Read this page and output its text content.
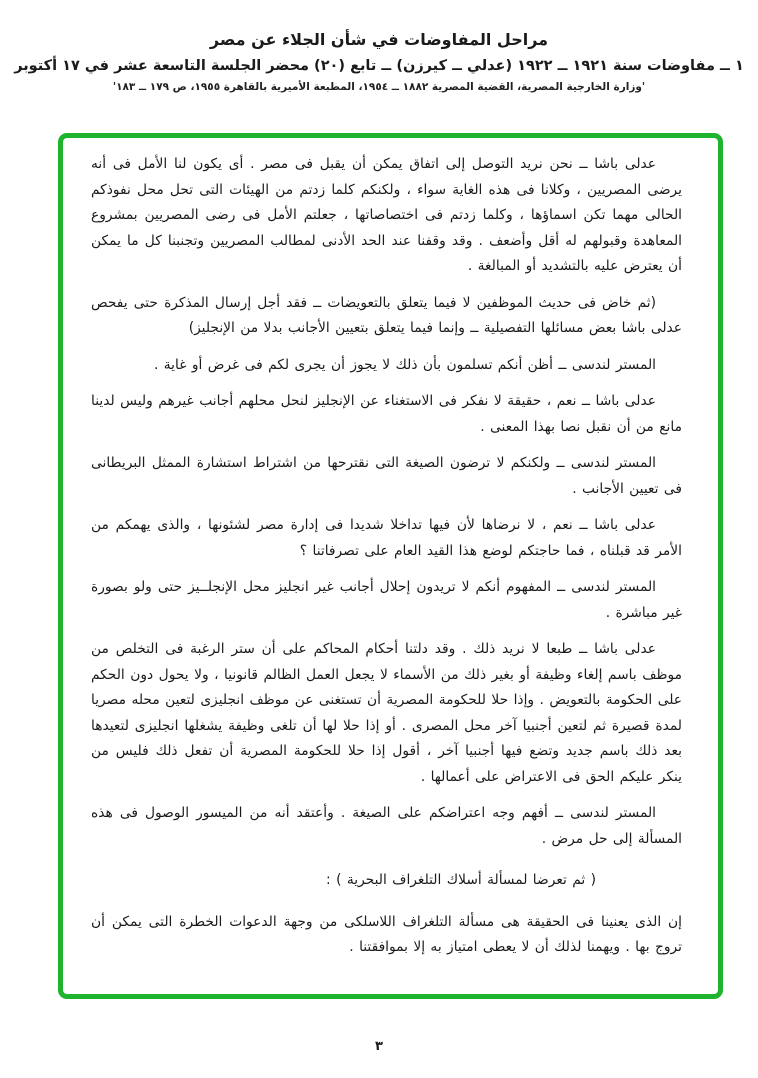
مراحل المفاوضات في شأن الجلاء عن مصر
١ ــ مفاوضات سنة ١٩٢١ ــ ١٩٢٢ (عدلي ــ كيرزن) ــ تابع (٢٠) محضر الجلسة التاسعة عشر في ١٧ أكتوبر
'وزارة الخارجية المصرية، القضية المصرية ١٨٨٢ ــ ١٩٥٤، المطبعة الأميرية بالقاهرة ١٩٥٥، ص ١٧٩ ــ ١٨٣'

عدلى باشا ــ نحن نريد التوصل إلى اتفاق يمكن أن يقبل فى مصر . أى يكون لنا الأمل فى أنه يرضى المصريين ، وكلانا فى هذه الغاية سواء ، ولكنكم كلما زدتم من الهيئات التى تحل محل نفوذكم الحالى مهما تكن اسماؤها ، وكلما زدتم فى اختصاصاتها ، جعلتم الأمل فى رضى المصريين بمشروع المعاهدة وقبولهم له أقل وأضعف . وقد وقفنا عند الحد الأدنى لمطالب المصريين وتجنبنا كل ما يمكن أن يعترض عليه بالتشديد أو المبالغة .

(ثم خاض فى حديث الموظفين لا فيما يتعلق بالتعويضات ــ فقد أجل إرسال المذكرة حتى يفحص عدلى باشا بعض مسائلها التفصيلية ــ وإنما فيما يتعلق بتعيين الأجانب بدلا من الإنجليز)

المستر لندسى ــ أظن أنكم تسلمون بأن ذلك لا يجوز أن يجرى لكم فى غرض أو غاية .

عدلى باشا ــ نعم ، حقيقة لا نفكر فى الاستغناء عن الإنجليز لنحل محلهم أجانب غيرهم وليس لدينا مانع من أن نقبل نصا بهذا المعنى .

المستر لندسى ــ ولكنكم لا ترضون الصيغة التى نقترحها من اشتراط استشارة الممثل البريطانى فى تعيين الأجانب .

عدلى باشا ــ نعم ، لا نرضاها لأن فيها تداخلا شديدا فى إدارة مصر لشئونها ، والذى يهمكم من الأمر قد قبلناه ، فما حاجتكم لوضع هذا القيد العام على تصرفاتنا ؟

المستر لندسى ــ المفهوم أنكم لا تريدون إحلال أجانب غير انجليز محل الإنجلــيز حتى ولو بصورة غير مباشرة .

عدلى باشا ــ طبعا لا نريد ذلك . وقد دلتنا أحكام المحاكم على أن ستر الرغبة فى التخلص من موظف باسم إلغاء وظيفة أو بغير ذلك من الأسماء لا يجعل العمل الظالم قانونيا ، ولا يحول دون الحكم على الحكومة بالتعويض . وإذا حلا للحكومة المصرية أن تستغنى عن موظف انجليزى لتعين محله مصريا لمدة قصيرة ثم لتعين أجنبيا آخر محل المصرى . أو إذا حلا لها أن تلغى وظيفة يشغلها انجليزى لتعيدها بعد ذلك باسم جديد وتضع فيها أجنبيا آخر ، أقول إذا حلا للحكومة المصرية أن تفعل ذلك فليس من ينكر عليكم الحق فى الاعتراض على أعمالها .

المستر لندسى ــ أفهم وجه اعتراضكم على الصيغة . وأعتقد أنه من الميسور الوصول فى هذه المسألة إلى حل مرض .

( ثم تعرضا لمسألة أسلاك التلغراف البحرية ) :

إن الذى يعنينا فى الحقيقة هى مسألة التلغراف اللاسلكى من وجهة الدعوات الخطرة التى يمكن أن تروج بها . ويهمنا لذلك أن لا يعطى امتياز به إلا بموافقتنا .

٣
